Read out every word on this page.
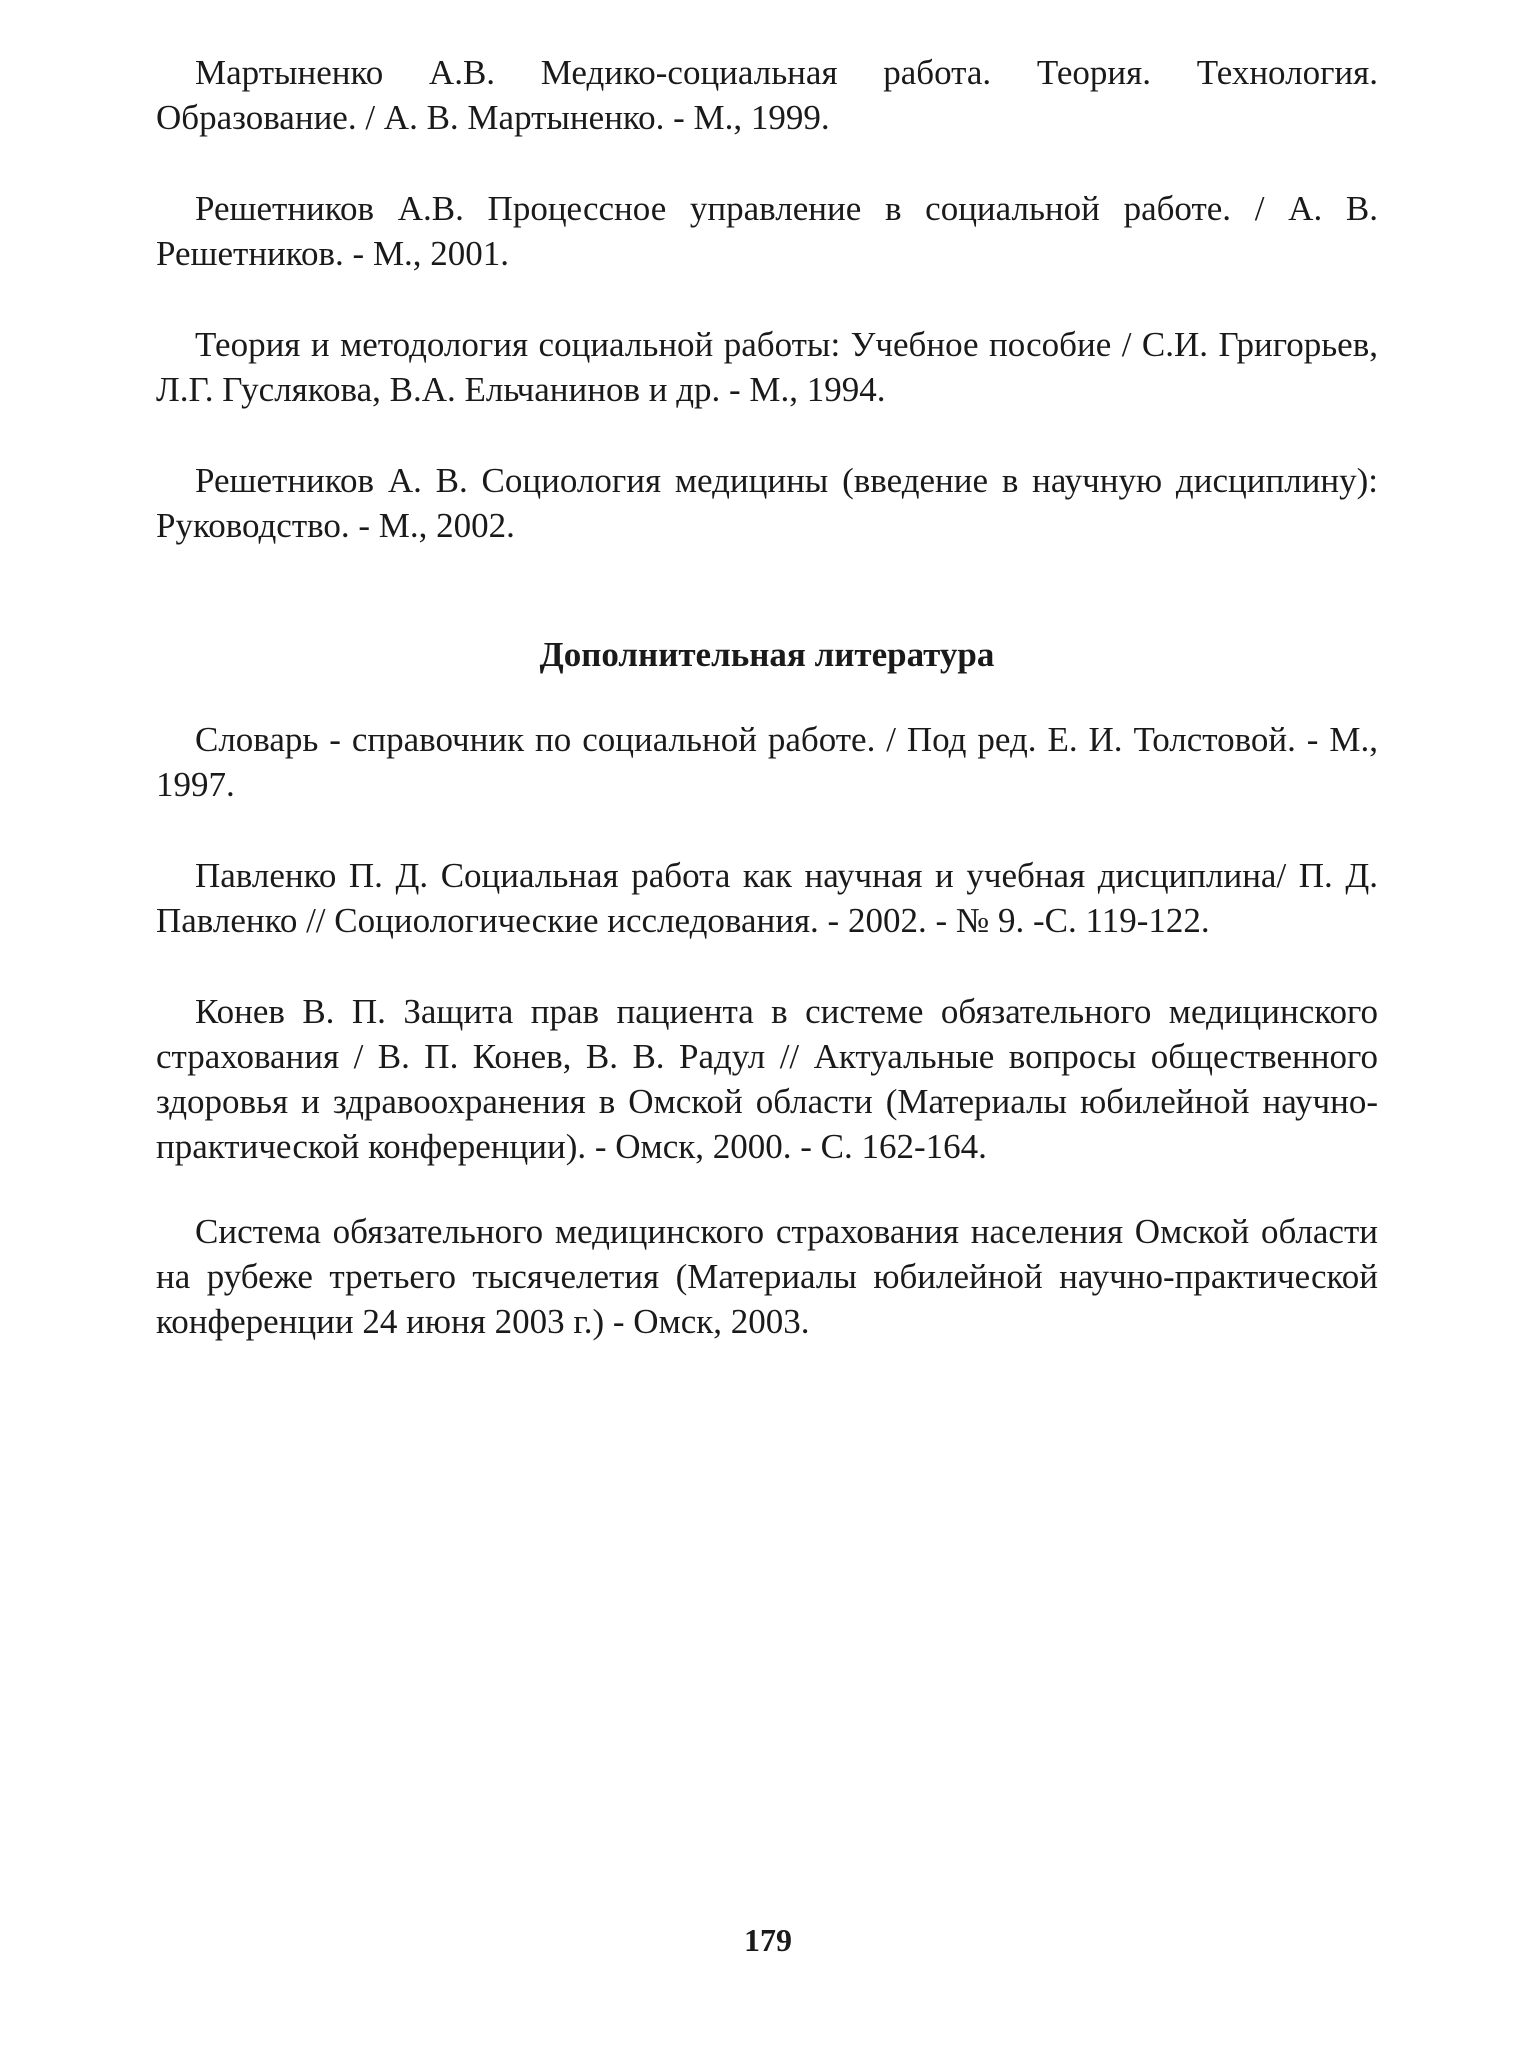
Мартыненко А.В. Медико-социальная работа. Теория. Технология. Образование. / А. В. Мартыненко. - М., 1999.

Решетников А.В. Процессное управление в социальной работе. / А. В. Решетников. - М., 2001.

Теория и методология социальной работы: Учебное пособие / С.И. Григорьев, Л.Г. Гуслякова, В.А. Ельчанинов и др. - М., 1994.

Решетников А. В. Социология медицины (введение в научную дисциплину): Руководство. - М., 2002.

Дополнительная литература

Словарь - справочник по социальной работе. / Под ред. Е. И. Толстовой. - М., 1997.

Павленко П. Д. Социальная работа как научная и учебная дисциплина/ П. Д. Павленко // Социологические исследования. - 2002. - № 9. -С. 119-122.

Конев В. П. Защита прав пациента в системе обязательного медицинского страхования / В. П. Конев, В. В. Радул // Актуальные вопросы общественного здоровья и здравоохранения в Омской области (Материалы юбилейной научно-практической конференции). - Омск, 2000. - С. 162-164.

Система обязательного медицинского страхования населения Омской области на рубеже третьего тысячелетия (Материалы юбилейной научно-практической конференции 24 июня 2003 г.) - Омск, 2003.

179
